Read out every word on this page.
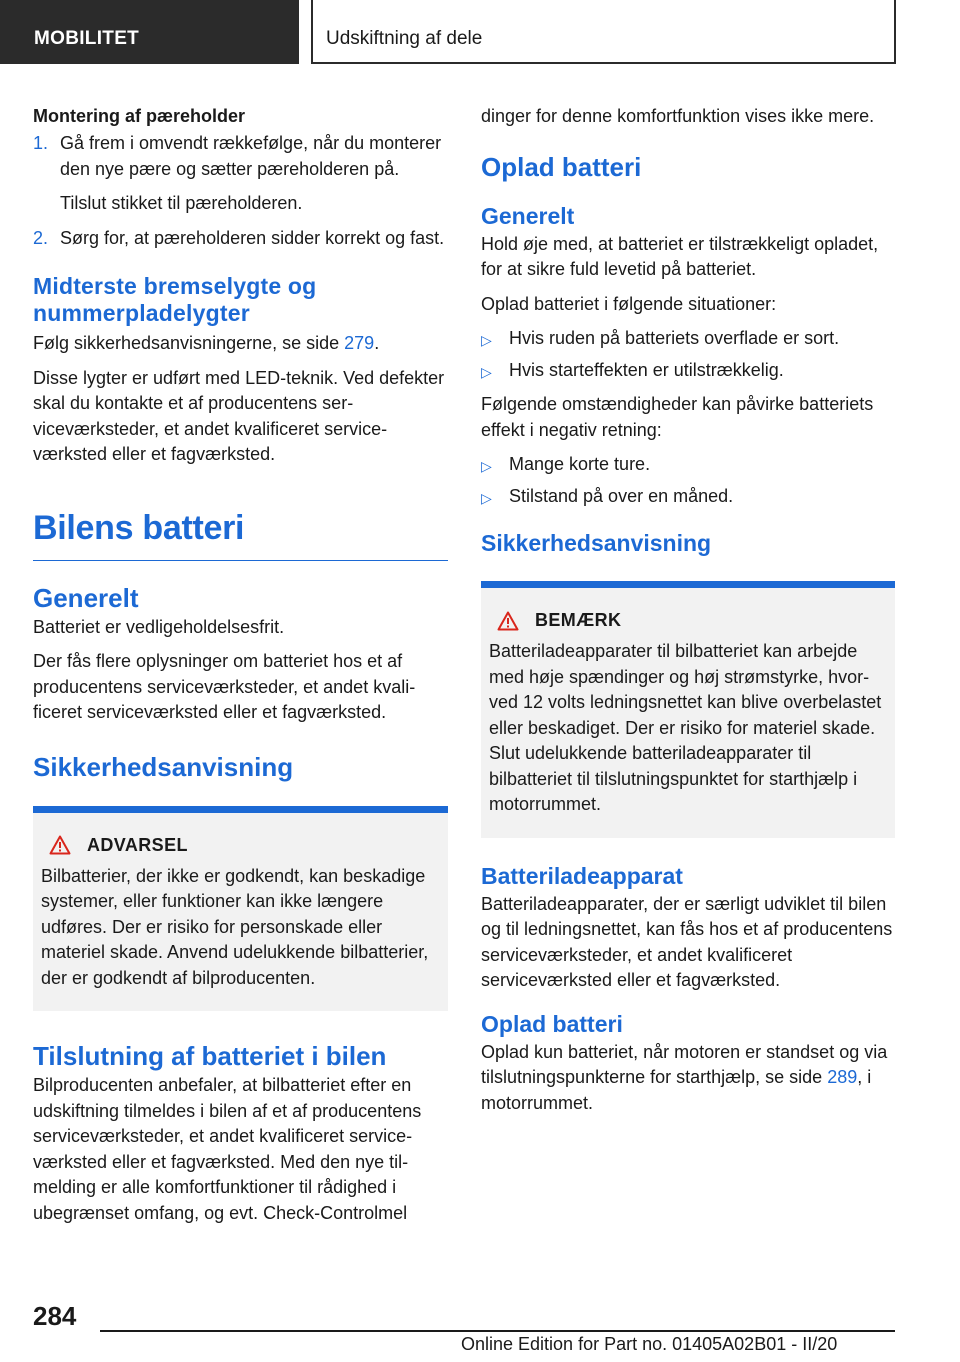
MOBILITET	Udskiftning af dele
Montering af pæreholder
1. Gå frem i omvendt rækkefølge, når du monterer den nye pære og sætter pæreholderen på.
Tilslut stikket til pæreholderen.
2. Sørg for, at pæreholderen sidder korrekt og fast.
Midterste bremselygte og nummerpladelygter

Følg sikkerhedsanvisningerne, se side 279.

Disse lygter er udført med LED-teknik. Ved defekter skal du kontakte et af producentens serviceværksteder, et andet kvalificeret serviceværksted eller et fagværksted.

Bilens batteri
Generelt

Batteriet er vedligeholdelsesfrit.

Der fås flere oplysninger om batteriet hos et af producentens serviceværksteder, et andet kvalificeret serviceværksted eller et fagværksted.

Sikkerhedsanvisning
ADVARSEL

Bilbatterier, der ikke er godkendt, kan beskadige systemer, eller funktioner kan ikke længere udføres. Der er risiko for personskade eller materiel skade. Anvend udelukkende bilbatterier, der er godkendt af bilproducenten.

Tilslutning af batteriet i bilen

Bilproducenten anbefaler, at bilbatteriet efter en udskiftning tilmeldes i bilen af et af producentens serviceværksteder, et andet kvalificeret serviceværksted eller et fagværksted. Med den nye tilmelding er alle komfortfunktioner til rådighed i ubegrænset omfang, og evt. Check-Controlmel

dinger for denne komfortfunktion vises ikke mere.

Oplad batteri
Generelt

Hold øje med, at batteriet er tilstrækkeligt opladet, for at sikre fuld levetid på batteriet.

Oplad batteriet i følgende situationer:

▷ Hvis ruden på batteriets overflade er sort.
▷ Hvis starteffekten er utilstrækkelig.

Følgende omstændigheder kan påvirke batteriets effekt i negativ retning:

▷ Mange korte ture.
▷ Stilstand på over en måned.
Sikkerhedsanvisning
BEMÆRK

Batteriladeapparater til bilbatteriet kan arbejde med høje spændinger og høj strømstyrke, hvorved 12 volts ledningsnettet kan blive overbelastet eller beskadiget. Der er risiko for materiel skade. Slut udelukkende batteriladeapparater til bilbatteriet til tilslutningspunktet for starthjælp i motorrummet.

Batteriladeapparat

Batteriladeapparater, der er særligt udviklet til bilen og til ledningsnettet, kan fås hos et af producentens serviceværksteder, et andet kvalificeret serviceværksted eller et fagværksted.

Oplad batteri

Oplad kun batteriet, når motoren er standset og via tilslutningspunkterne for starthjælp, se side 289, i motorrummet.

284
Online Edition for Part no. 01405A02B01 - II/20
